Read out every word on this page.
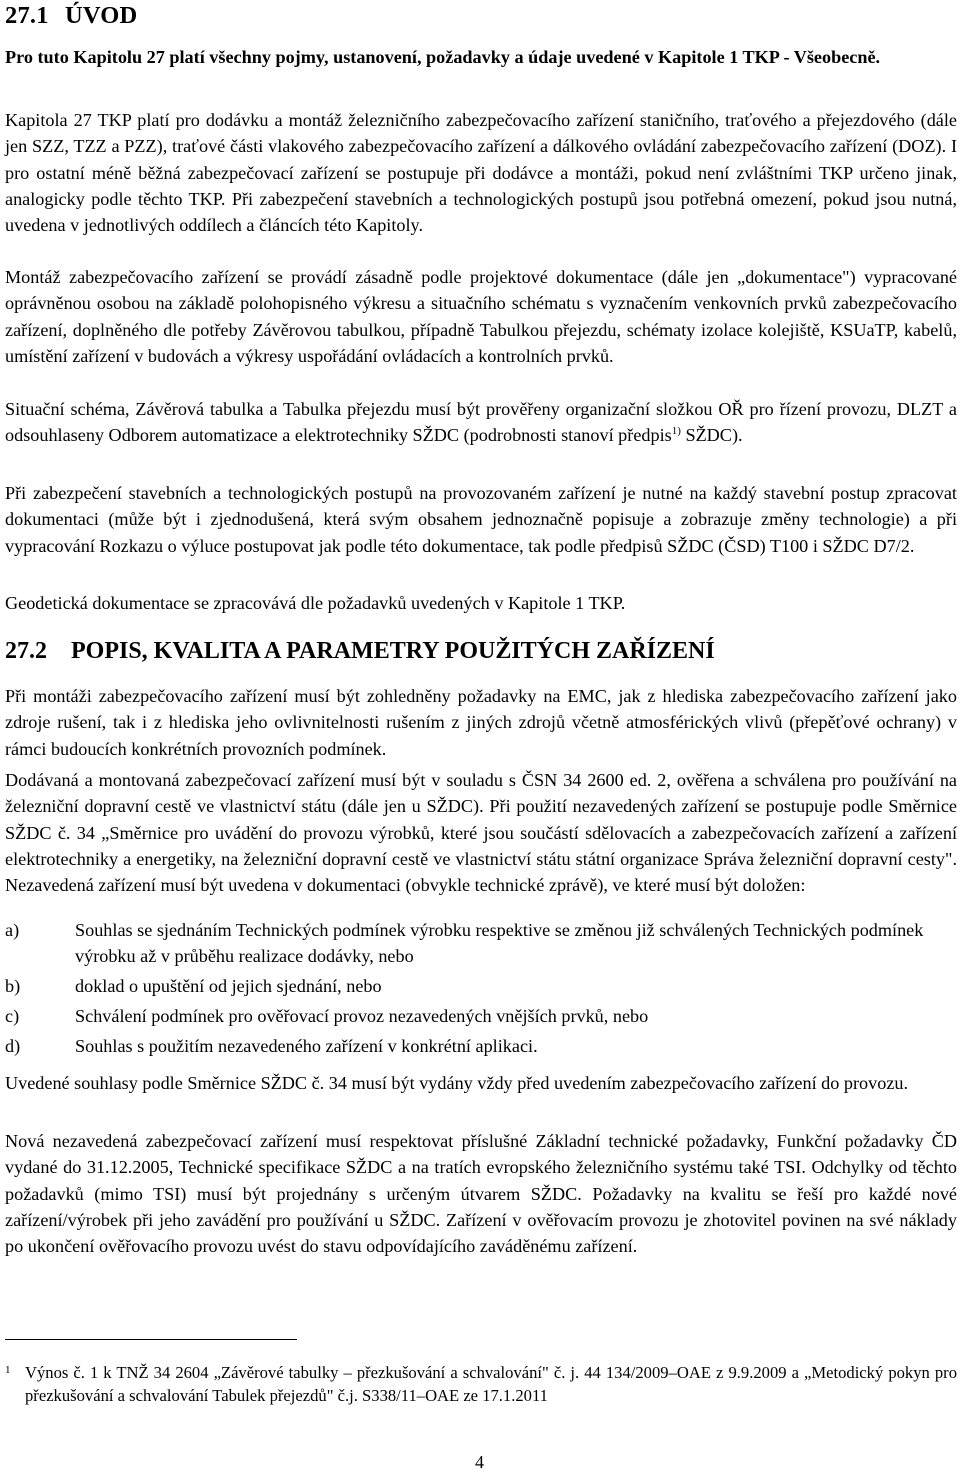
27.1 ÚVOD

Pro tuto Kapitolu 27 platí všechny pojmy, ustanovení, požadavky a údaje uvedené v Kapitole 1 TKP - Všeobecně.

Kapitola 27 TKP platí pro dodávku a montáž železničního zabezpečovacího zařízení staničního, traťového a přejezdového (dále jen SZZ, TZZ a PZZ), traťové části vlakového zabezpečovacího zařízení a dálkového ovládání zabezpečovacího zařízení (DOZ). I pro ostatní méně běžná zabezpečovací zařízení se postupuje při dodávce a montáži, pokud není zvláštními TKP určeno jinak, analogicky podle těchto TKP. Při zabezpečení stavebních a technologických postupů jsou potřebná omezení, pokud jsou nutná, uvedena v jednotlivých oddílech a článcích této Kapitoly.

Montáž zabezpečovacího zařízení se provádí zásadně podle projektové dokumentace (dále jen „dokumentace") vypracované oprávněnou osobou na základě polohopisného výkresu a situačního schématu s vyznačením venkovních prvků zabezpečovacího zařízení, doplněného dle potřeby Závěrovou tabulkou, případně Tabulkou přejezdu, schématy izolace kolejiště, KSUaTP, kabelů, umístění zařízení v budovách a výkresy uspořádání ovládacích a kontrolních prvků.

Situační schéma, Závěrová tabulka a Tabulka přejezdu musí být prověřeny organizační složkou OŘ pro řízení provozu, DLZT a odsouhlaseny Odborem automatizace a elektrotechniky SŽDC (podrobnosti stanoví předpis$^{1)}$ SŽDC).

Při zabezpečení stavebních a technologických postupů na provozovaném zařízení je nutné na každý stavební postup zpracovat dokumentaci (může být i zjednodušená, která svým obsahem jednoznačně popisuje a zobrazuje změny technologie) a při vypracování Rozkazu o výluce postupovat jak podle této dokumentace, tak podle předpisů SŽDC (ČSD) T100 i SŽDC D7/2.

Geodetická dokumentace se zpracovává dle požadavků uvedených v Kapitole 1 TKP.

27.2 POPIS, KVALITA A PARAMETRY POUŽITÝCH ZAŘÍZENÍ

Při montáži zabezpečovacího zařízení musí být zohledněny požadavky na EMC, jak z hlediska zabezpečovacího zařízení jako zdroje rušení, tak i z hlediska jeho ovlivnitelnosti rušením z jiných zdrojů včetně atmosférických vlivů (přepěťové ochrany) v rámci budoucích konkrétních provozních podmínek.

Dodávaná a montovaná zabezpečovací zařízení musí být v souladu s ČSN 34 2600 ed. 2, ověřena a schválena pro používání na železniční dopravní cestě ve vlastnictví státu (dále jen u SŽDC). Při použití nezavedených zařízení se postupuje podle Směrnice SŽDC č. 34 „Směrnice pro uvádění do provozu výrobků, které jsou součástí sdělovacích a zabezpečovacích zařízení a zařízení elektrotechniky a energetiky, na železniční dopravní cestě ve vlastnictví státu státní organizace Správa železniční dopravní cesty". Nezavedená zařízení musí být uvedena v dokumentaci (obvykle technické zprávě), ve které musí být doložen:

a)	Souhlas se sjednáním Technických podmínek výrobku respektive se změnou již schválených Technických podmínek výrobku až v průběhu realizace dodávky, nebo
b)	doklad o upuštění od jejich sjednání, nebo
c)	Schválení podmínek pro ověřovací provoz nezavedených vnějších prvků, nebo
d)	Souhlas s použitím nezavedeného zařízení v konkrétní aplikaci.

Uvedené souhlasy podle Směrnice SŽDC č. 34 musí být vydány vždy před uvedením zabezpečovacího zařízení do provozu.

Nová nezavedená zabezpečovací zařízení musí respektovat příslušné Základní technické požadavky, Funkční požadavky ČD vydané do 31.12.2005, Technické specifikace SŽDC a na tratích evropského železničního systému také TSI. Odchylky od těchto požadavků (mimo TSI) musí být projednány s určeným útvarem SŽDC. Požadavky na kvalitu se řeší pro každé nové zařízení/výrobek při jeho zavádění pro používání u SŽDC. Zařízení v ověřovacím provozu je zhotovitel povinen na své náklady po ukončení ověřovacího provozu uvést do stavu odpovídajícího zaváděnému zařízení.

1 Výnos č. 1 k TNŽ 34 2604 „Závěrové tabulky – přezkušování a schvalování" č. j. 44 134/2009–OAE z 9.9.2009 a „Metodický pokyn pro přezkušování a schvalování Tabulek přejezdů" č.j. S338/11–OAE ze 17.1.2011
4
